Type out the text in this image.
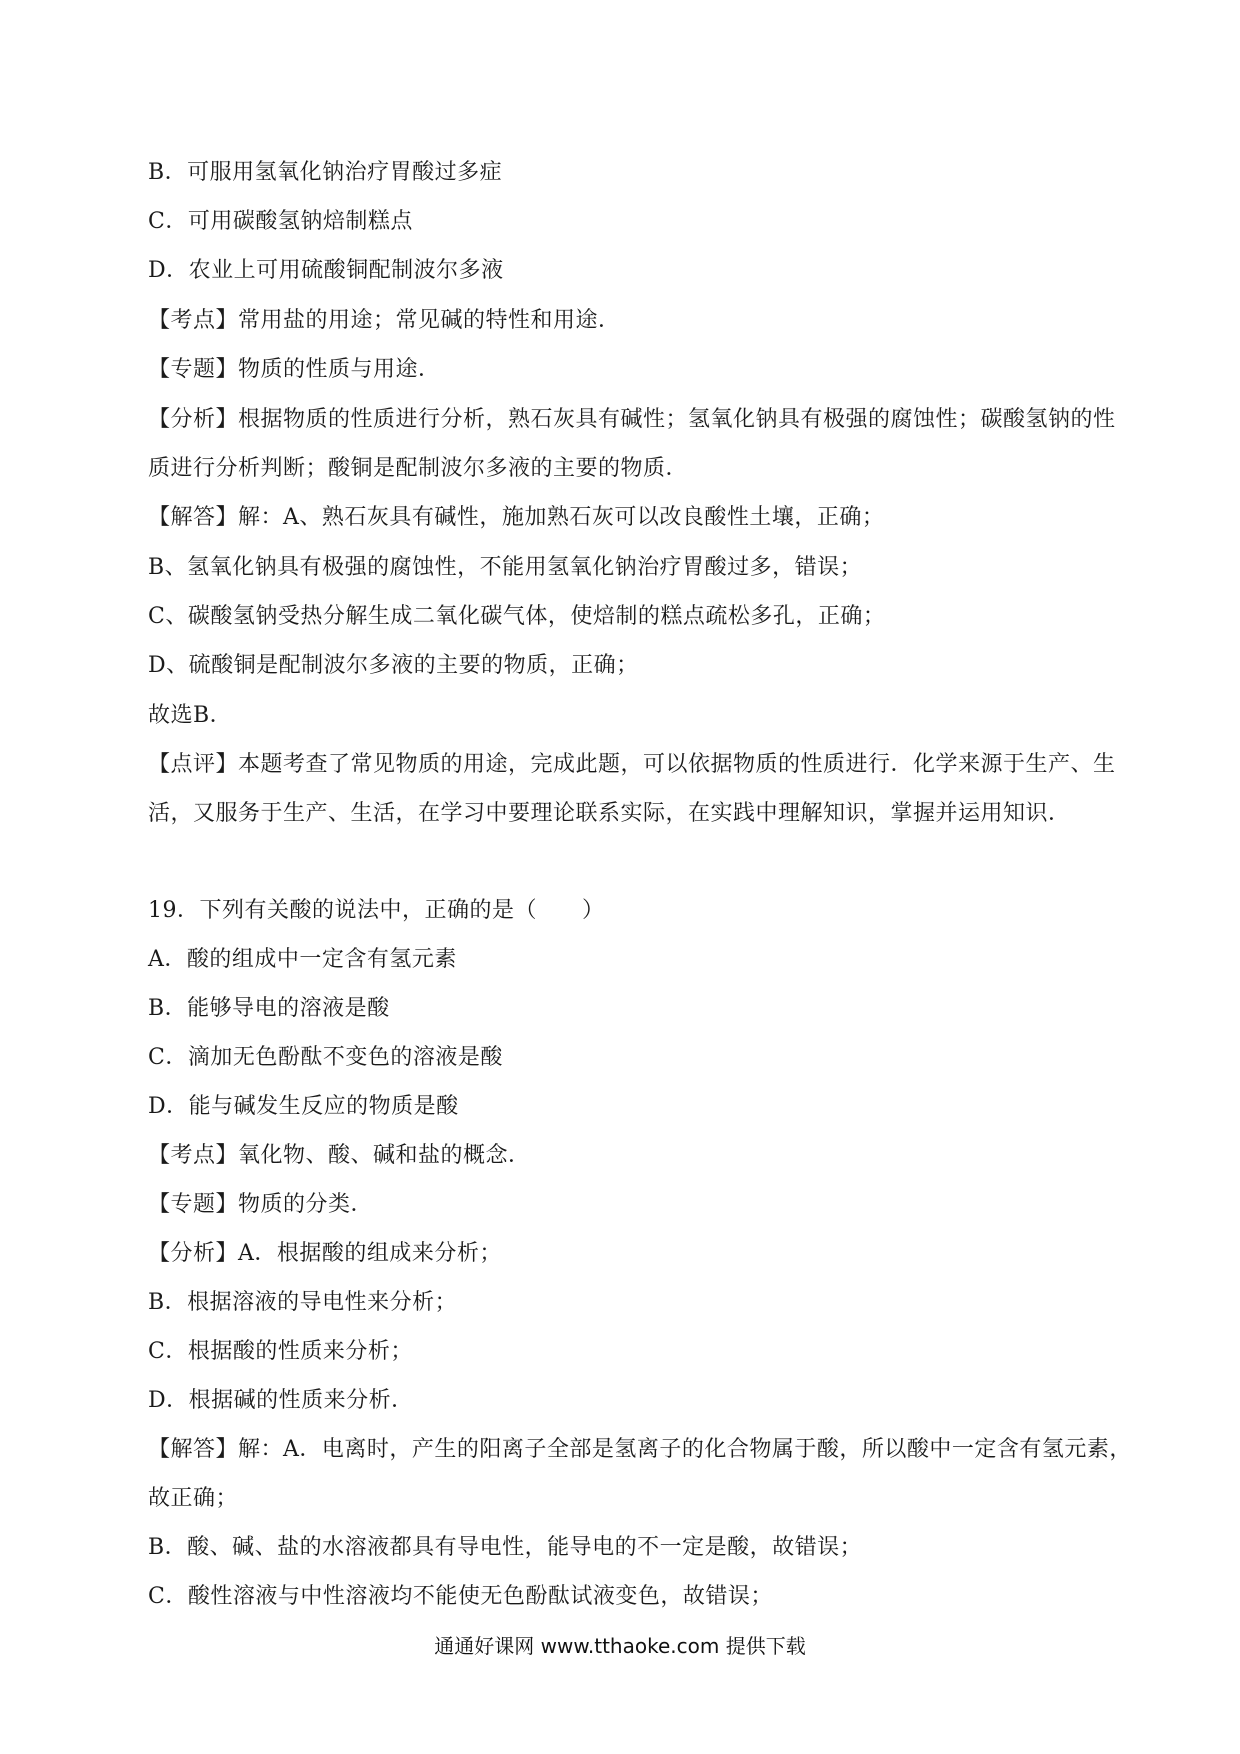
B．可服用氢氧化钠治疗胃酸过多症
C．可用碳酸氢钠焙制糕点
D．农业上可用硫酸铜配制波尔多液
【考点】常用盐的用途；常见碱的特性和用途．
【专题】物质的性质与用途．
【分析】根据物质的性质进行分析，熟石灰具有碱性；氢氧化钠具有极强的腐蚀性；碳酸氢钠的性
质进行分析判断；酸铜是配制波尔多液的主要的物质．
【解答】解：A、熟石灰具有碱性，施加熟石灰可以改良酸性土壤，正确；
B、氢氧化钠具有极强的腐蚀性，不能用氢氧化钠治疗胃酸过多，错误；
C、碳酸氢钠受热分解生成二氧化碳气体，使焙制的糕点疏松多孔，正确；
D、硫酸铜是配制波尔多液的主要的物质，正确；
故选B．
【点评】本题考查了常见物质的用途，完成此题，可以依据物质的性质进行．化学来源于生产、生
活，又服务于生产、生活，在学习中要理论联系实际，在实践中理解知识，掌握并运用知识．
19．下列有关酸的说法中，正确的是（　　）
A．酸的组成中一定含有氢元素
B．能够导电的溶液是酸
C．滴加无色酚酞不变色的溶液是酸
D．能与碱发生反应的物质是酸
【考点】氧化物、酸、碱和盐的概念．
【专题】物质的分类．
【分析】A．根据酸的组成来分析；
B．根据溶液的导电性来分析；
C．根据酸的性质来分析；
D．根据碱的性质来分析．
【解答】解：A．电离时，产生的阳离子全部是氢离子的化合物属于酸，所以酸中一定含有氢元素，
故正确；
B．酸、碱、盐的水溶液都具有导电性，能导电的不一定是酸，故错误；
C．酸性溶液与中性溶液均不能使无色酚酞试液变色，故错误；
通通好课网 www.tthaoke.com 提供下载
